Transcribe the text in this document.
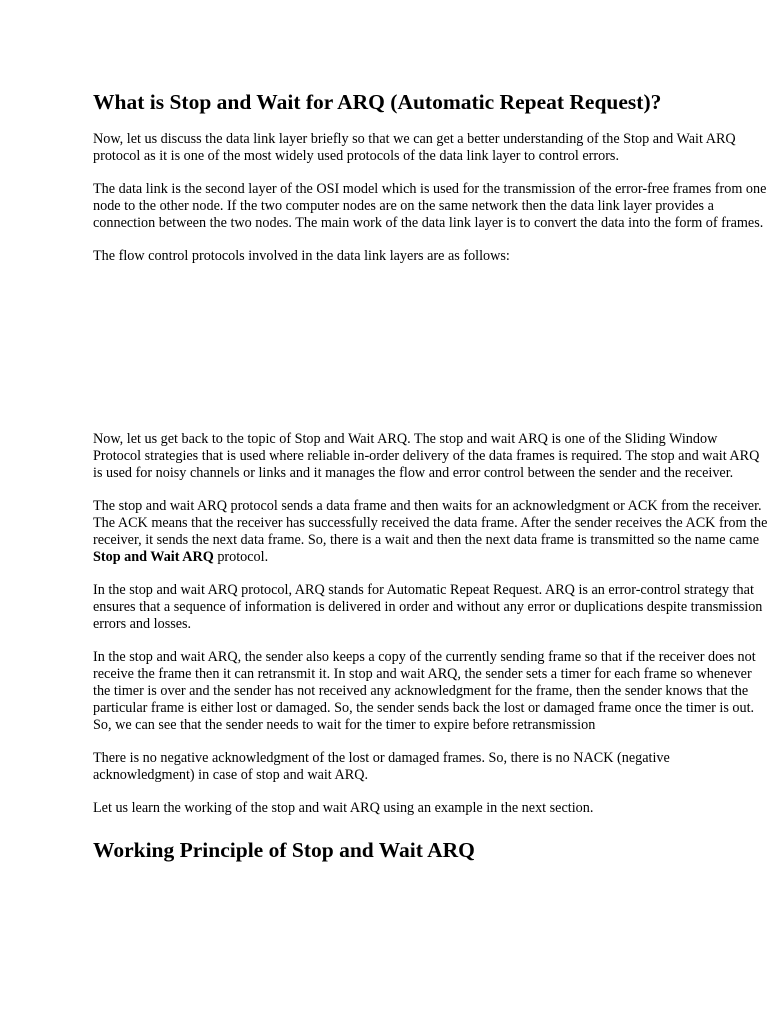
What is Stop and Wait for ARQ (Automatic Repeat Request)?

Now, let us discuss the data link layer briefly so that we can get a better understanding of the Stop and Wait ARQ protocol as it is one of the most widely used protocols of the data link layer to control errors.

The data link is the second layer of the OSI model which is used for the transmission of the error-free frames from one node to the other node. If the two computer nodes are on the same network then the data link layer provides a connection between the two nodes. The main work of the data link layer is to convert the data into the form of frames.

The flow control protocols involved in the data link layers are as follows:

Now, let us get back to the topic of Stop and Wait ARQ. The stop and wait ARQ is one of the Sliding Window Protocol strategies that is used where reliable in-order delivery of the data frames is required. The stop and wait ARQ is used for noisy channels or links and it manages the flow and error control between the sender and the receiver.

The stop and wait ARQ protocol sends a data frame and then waits for an acknowledgment or ACK from the receiver. The ACK means that the receiver has successfully received the data frame. After the sender receives the ACK from the receiver, it sends the next data frame. So, there is a wait and then the next data frame is transmitted so the name came Stop and Wait ARQ protocol.

In the stop and wait ARQ protocol, ARQ stands for Automatic Repeat Request. ARQ is an error-control strategy that ensures that a sequence of information is delivered in order and without any error or duplications despite transmission errors and losses.

In the stop and wait ARQ, the sender also keeps a copy of the currently sending frame so that if the receiver does not receive the frame then it can retransmit it. In stop and wait ARQ, the sender sets a timer for each frame so whenever the timer is over and the sender has not received any acknowledgment for the frame, then the sender knows that the particular frame is either lost or damaged. So, the sender sends back the lost or damaged frame once the timer is out. So, we can see that the sender needs to wait for the timer to expire before retransmission

There is no negative acknowledgment of the lost or damaged frames. So, there is no NACK (negative acknowledgment) in case of stop and wait ARQ.

Let us learn the working of the stop and wait ARQ using an example in the next section.

Working Principle of Stop and Wait ARQ
